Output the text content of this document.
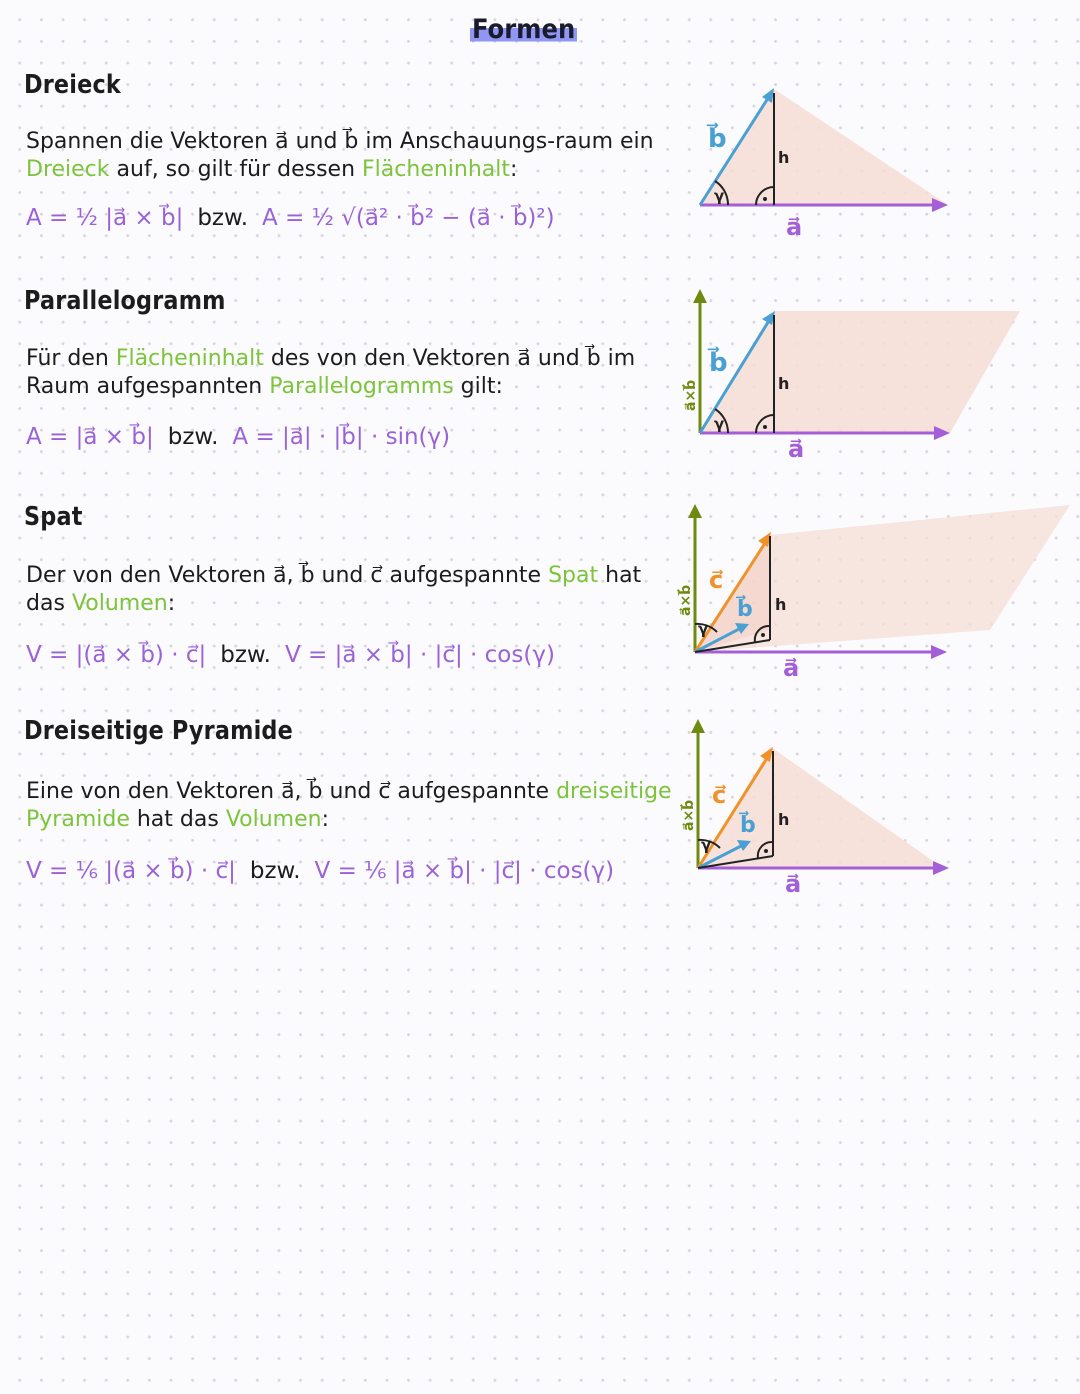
Formen
Dreieck
Spannen die Vektoren a⃗ und b⃗ im Anschauungs-raum ein Dreieck auf, so gilt für dessen Flächeninhalt:
A = ½ |a⃗ × b⃗| bzw. A = ½ √(a⃗² · b⃗² − (a⃗ · b⃗)²)
γ
h
b⃗
a⃗
Parallelogramm
Für den Flächeninhalt des von den Vektoren a⃗ und b⃗ im Raum aufgespannten Parallelogramms gilt:
A = |a⃗ × b⃗| bzw. A = |a⃗| · |b⃗| · sin(γ)	γ
h
b⃗
a⃗
a⃗×b⃗
Spat
Der von den Vektoren a⃗, b⃗ und c⃗ aufgespannte Spat hat das Volumen:
V = |(a⃗ × b⃗) · c⃗| bzw. V = |a⃗ × b⃗| · |c⃗| · cos(γ)
γ
h
c⃗
b⃗
a⃗
a⃗×b⃗
Dreiseitige Pyramide
Eine von den Vektoren a⃗, b⃗ und c⃗ aufgespannte dreiseitige Pyramide hat das Volumen:
V = ⅙ |(a⃗ × b⃗) · c⃗| bzw. V = ⅙ |a⃗ × b⃗| · |c⃗| · cos(γ)
γ
h
c⃗
b⃗
a⃗
a⃗×b⃗
